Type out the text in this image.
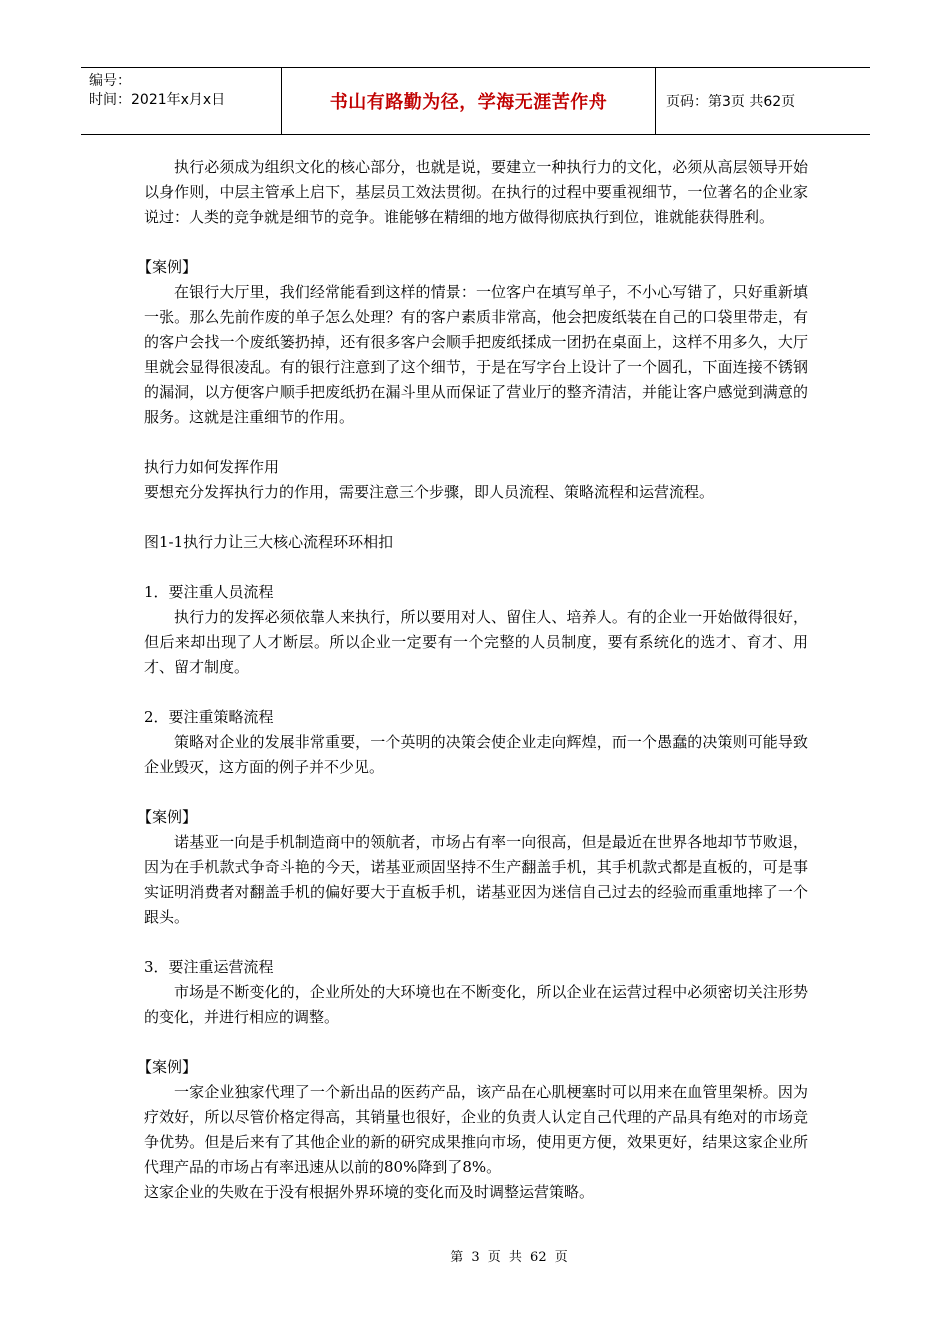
编号：
时间：2021年x月x日	书山有路勤为径，学海无涯苦作舟	页码：第3页 共62页

执行必须成为组织文化的核心部分，也就是说，要建立一种执行力的文化，必须从高层领导开始以身作则，中层主管承上启下，基层员工效法贯彻。在执行的过程中要重视细节，一位著名的企业家说过：人类的竞争就是细节的竞争。谁能够在精细的地方做得彻底执行到位，谁就能获得胜利。

【案例】

在银行大厅里，我们经常能看到这样的情景：一位客户在填写单子，不小心写错了，只好重新填一张。那么先前作废的单子怎么处理？有的客户素质非常高，他会把废纸装在自己的口袋里带走，有的客户会找一个废纸篓扔掉，还有很多客户会顺手把废纸揉成一团扔在桌面上，这样不用多久，大厅里就会显得很凌乱。有的银行注意到了这个细节，于是在写字台上设计了一个圆孔，下面连接不锈钢的漏洞，以方便客户顺手把废纸扔在漏斗里从而保证了营业厅的整齐清洁，并能让客户感觉到满意的服务。这就是注重细节的作用。

执行力如何发挥作用

要想充分发挥执行力的作用，需要注意三个步骤，即人员流程、策略流程和运营流程。

图1-1执行力让三大核心流程环环相扣

1．要注重人员流程

执行力的发挥必须依靠人来执行，所以要用对人、留住人、培养人。有的企业一开始做得很好，但后来却出现了人才断层。所以企业一定要有一个完整的人员制度，要有系统化的选才、育才、用才、留才制度。

2．要注重策略流程

策略对企业的发展非常重要，一个英明的决策会使企业走向辉煌，而一个愚蠢的决策则可能导致企业毁灭，这方面的例子并不少见。

【案例】

诺基亚一向是手机制造商中的领航者，市场占有率一向很高，但是最近在世界各地却节节败退，因为在手机款式争奇斗艳的今天，诺基亚顽固坚持不生产翻盖手机，其手机款式都是直板的，可是事实证明消费者对翻盖手机的偏好要大于直板手机，诺基亚因为迷信自己过去的经验而重重地摔了一个跟头。

3．要注重运营流程

市场是不断变化的，企业所处的大环境也在不断变化，所以企业在运营过程中必须密切关注形势的变化，并进行相应的调整。

【案例】

一家企业独家代理了一个新出品的医药产品，该产品在心肌梗塞时可以用来在血管里架桥。因为疗效好，所以尽管价格定得高，其销量也很好，企业的负责人认定自己代理的产品具有绝对的市场竞争优势。但是后来有了其他企业的新的研究成果推向市场，使用更方便，效果更好，结果这家企业所代理产品的市场占有率迅速从以前的80%降到了8%。

这家企业的失败在于没有根据外界环境的变化而及时调整运营策略。

第 3 页 共 62 页
